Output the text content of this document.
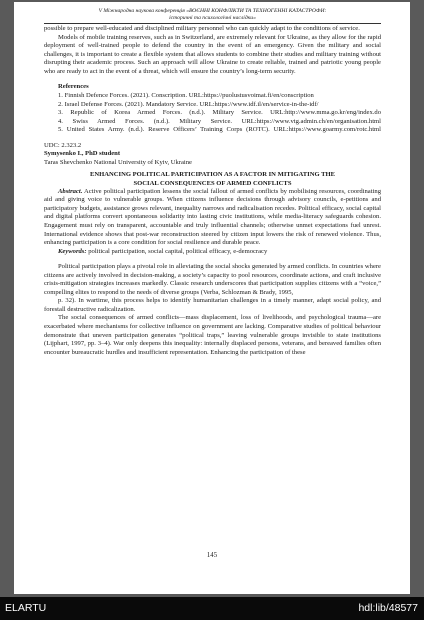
V Міжнародна наукова конференція «ВОЄННІ КОНФЛІКТИ ТА ТЕХНОГЕННІ КАТАСТРОФИ:
історичні та психологічні наслідки»

possible to prepare well-educated and disciplined military personnel who can quickly adapt to the conditions of service.

Models of mobile training reserves, such as in Switzerland, are extremely relevant for Ukraine, as they allow for the rapid deployment of well-trained people to defend the country in the event of an emergency. Given the military and social challenges, it is important to create a flexible system that allows students to combine their studies and military training without disrupting their academic process. Such an approach will allow Ukraine to create reliable, trained and patriotic young people who are ready to act in the event of a threat, which will ensure the country’s long-term security.

References

1. Finnish Defence Forces. (2021). Conscription. URL:https://puolustusvoimat.fi/en/conscription

2. Israel Defense Forces. (2021). Mandatory Service. URL:https://www.idf.il/en/service-in-the-idf/

3. Republic of Korea Armed Forces. (n.d.). Military Service. URL:http://www.mma.go.kr/eng/index.do

4. Swiss Armed Forces. (n.d.). Military Service. URL:https://www.vtg.admin.ch/en/organisation.html

5. United States Army. (n.d.). Reserve Officers’ Training Corps (ROTC). URL:https://www.goarmy.com/rotc.html

UDC: 2.323.2
Symysenko I., PhD student
Taras Shevchenko National University of Kyiv, Ukraine
ENHANCING POLITICAL PARTICIPATION AS A FACTOR IN MITIGATING THE
SOCIAL CONSEQUENCES OF ARMED CONFLICTS

Abstract. Active political participation lessens the social fallout of armed conflicts by mobilising resources, coordinating aid and giving voice to vulnerable groups. When citizens influence decisions through advisory councils, e-petitions and participatory budgets, assistance grows relevant, inequality narrows and radicalisation recedes. Political efficacy, social capital and digital platforms convert spontaneous solidarity into lasting civic institutions, while media-literacy safeguards cohesion. Engagement must rely on transparent, accountable and truly influential channels; otherwise unmet expectations fuel unrest. International evidence shows that post-war reconstruction steered by citizen input lowers the risk of renewed violence. Thus, enhancing participation is a core condition for social resilience and durable peace.

Keywords: political participation, social capital, political efficacy, e-democracy

Political participation plays a pivotal role in alleviating the social shocks generated by armed conflicts. In countries where citizens are actively involved in decision-making, a society’s capacity to pool resources, coordinate actions, and craft inclusive crisis-mitigation strategies increases markedly. Classic research underscores that participation supplies citizens with a “voice,” compelling elites to respond to the needs of diverse groups (Verba, Schlozman & Brady, 1995,

p. 32). In wartime, this process helps to identify humanitarian challenges in a timely manner, adapt social policy, and forestall destructive radicalization.

The social consequences of armed conflicts—mass displacement, loss of livelihoods, and psychological trauma—are exacerbated where mechanisms for collective influence on government are lacking. Comparative studies of political behaviour demonstrate that uneven participation generates “political traps,” leaving vulnerable groups invisible to state institutions (Lijphart, 1997, pp. 3–4). War only deepens this inequality: internally displaced persons, veterans, and bereaved families often encounter bureaucratic hurdles and insufficient representation. Enhancing the participation of these

145
ELARTU	hdl:lib/48577
